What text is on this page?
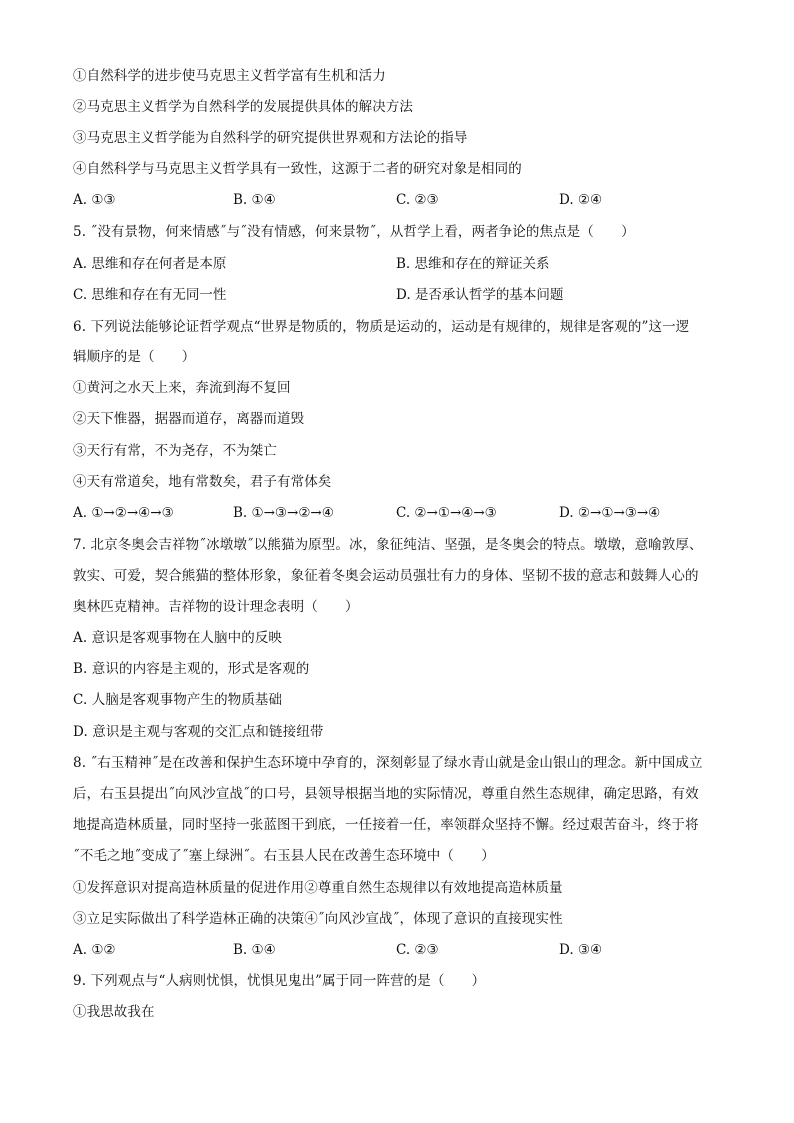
①自然科学的进步使马克思主义哲学富有生机和活力
②马克思主义哲学为自然科学的发展提供具体的解决方法
③马克思主义哲学能为自然科学的研究提供世界观和方法论的指导
④自然科学与马克思主义哲学具有一致性，这源于二者的研究对象是相同的
A. ①③	B. ①④	C. ②③	D. ②④
5. ˝没有景物，何来情感˝与˝没有情感，何来景物˝，从哲学上看，两者争论的焦点是（　　）
A. 思维和存在何者是本原	B. 思维和存在的辩证关系
C. 思维和存在有无同一性	D. 是否承认哲学的基本问题
6. 下列说法能够论证哲学观点“世界是物质的，物质是运动的，运动是有规律的，规律是客观的”这一逻
辑顺序的是（　　）
①黄河之水天上来，奔流到海不复回
②天下惟器，据器而道存，离器而道毁
③天行有常，不为尧存，不为桀亡
④天有常道矣，地有常数矣，君子有常体矣
A. ①→②→④→③	B. ①→③→②→④	C. ②→①→④→③	D. ②→①→③→④
7. 北京冬奥会吉祥物˝冰墩墩˝以熊猫为原型。冰，象征纯洁、坚强，是冬奥会的特点。墩墩，意喻敦厚、
敦实、可爱，契合熊猫的整体形象，象征着冬奥会运动员强壮有力的身体、坚韧不拔的意志和鼓舞人心的
奥林匹克精神。吉祥物的设计理念表明（　　）
A. 意识是客观事物在人脑中的反映
B. 意识的内容是主观的，形式是客观的
C. 人脑是客观事物产生的物质基础
D. 意识是主观与客观的交汇点和链接纽带
8. ˝右玉精神˝是在改善和保护生态环境中孕育的，深刻彰显了绿水青山就是金山银山的理念。新中国成立
后，右玉县提出˝向风沙宣战˝的口号，县领导根据当地的实际情况，尊重自然生态规律，确定思路，有效
地提高造林质量，同时坚持一张蓝图干到底，一任接着一任，率领群众坚持不懈。经过艰苦奋斗，终于将
˝不毛之地˝变成了˝塞上绿洲˝。右玉县人民在改善生态环境中（　　）
①发挥意识对提高造林质量的促进作用②尊重自然生态规律以有效地提高造林质量
③立足实际做出了科学造林正确的决策④˝向风沙宣战˝，体现了意识的直接现实性
A. ①②	B. ①④	C. ②③	D. ③④
9. 下列观点与“人病则忧惧，忧惧见鬼出”属于同一阵营的是（　　）
①我思故我在
